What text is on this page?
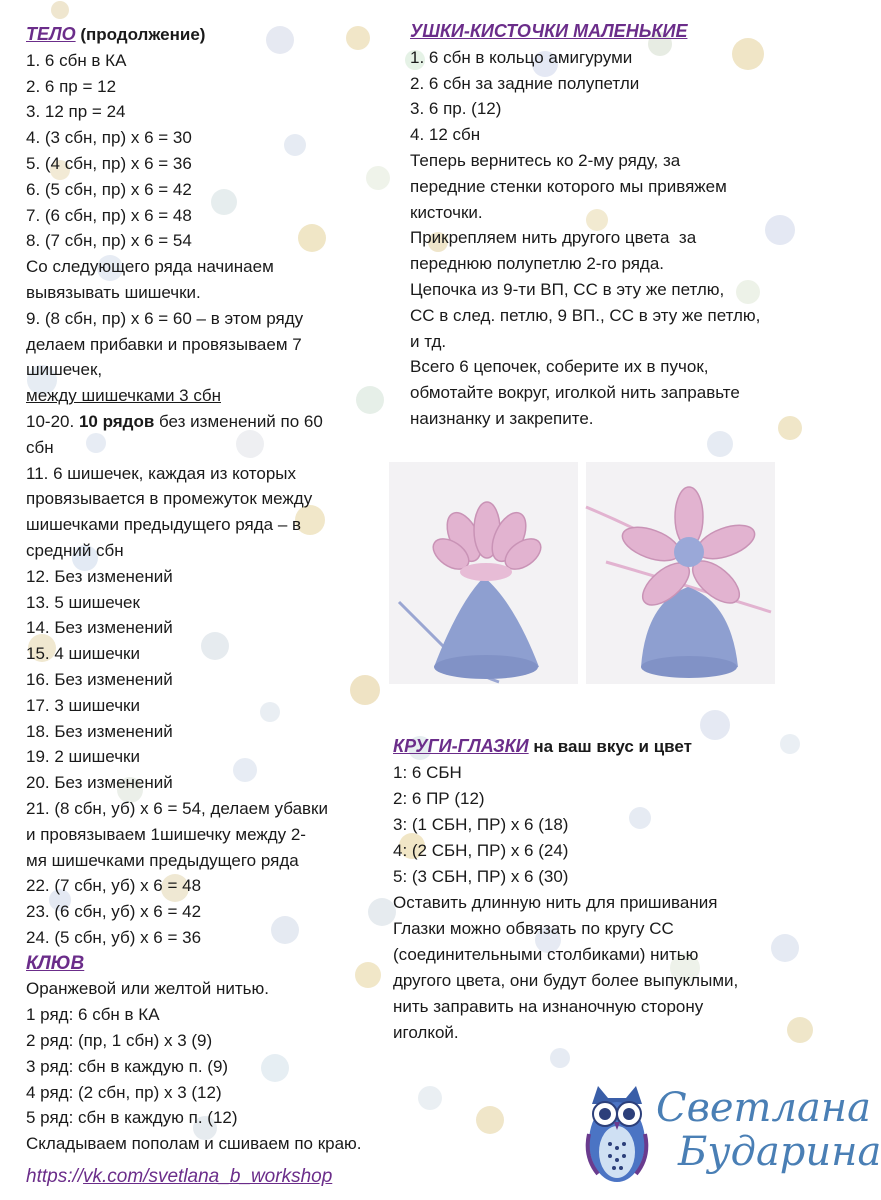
ТЕЛО (продолжение)
1. 6 сбн в КА
2. 6 пр = 12
3. 12 пр = 24
4. (3 сбн, пр) x 6 = 30
5. (4 сбн, пр) x 6 = 36
6. (5 сбн, пр) x 6 = 42
7. (6 сбн, пр) x 6 = 48
8. (7 сбн, пр) x 6 = 54
Со следующего ряда начинаем
вывязывать шишечки.
9. (8 сбн, пр) x 6 = 60 – в этом ряду
делаем прибавки и провязываем 7
шишечек,
между шишечками 3 сбн
10-20. 10 рядов без изменений по 60
сбн
11. 6 шишечек, каждая из которых
провязывается в промежуток между
шишечками предыдущего ряда – в
средний сбн
12. Без изменений
13. 5 шишечек
14. Без изменений
15. 4 шишечки
16. Без изменений
17. 3 шишечки
18. Без изменений
19. 2 шишечки
20. Без изменений
21. (8 сбн, уб) x 6 = 54, делаем убавки
и провязываем 1шишечку между 2-
мя шишечками предыдущего ряда
22. (7 сбн, уб) x 6 = 48
23. (6 сбн, уб) x 6 = 42
24. (5 сбн, уб) x 6 = 36
КЛЮВ
Оранжевой или желтой нитью.
1 ряд: 6 сбн в КА
2 ряд: (пр, 1 сбн) х 3 (9)
3 ряд: сбн в каждую п. (9)
4 ряд: (2 сбн, пр) х 3 (12)
5 ряд: сбн в каждую п. (12)
Складываем пополам и сшиваем по краю.
УШКИ-КИСТОЧКИ МАЛЕНЬКИЕ
1. 6 сбн в кольцо амигуруми
2. 6 сбн за задние полупетли
3. 6 пр. (12)
4. 12 сбн
Теперь вернитесь ко 2-му ряду, за
передние стенки которого мы привяжем
кисточки.
Прикрепляем нить другого цвета  за
переднюю полупетлю 2-го ряда.
Цепочка из 9-ти ВП, СС в эту же петлю,
СС в след. петлю, 9 ВП., СС в эту же петлю,
и тд.
Всего 6 цепочек, соберите их в пучок,
обмотайте вокруг, иголкой нить заправьте
наизнанку и закрепите.
КРУГИ-ГЛАЗКИ на ваш вкус и цвет
1: 6 СБН
2: 6 ПР (12)
3: (1 СБН, ПР) х 6 (18)
4: (2 СБН, ПР) х 6 (24)
5: (3 СБН, ПР) х 6 (30)
Оставить длинную нить для пришивания
Глазки можно обвязать по кругу СС
(соединительными столбиками) нитью
другого цвета, они будут более выпуклыми,
нить заправить на изнаночную сторону
иголкой.
https://vk.com/svetlana_b_workshop
Светлана
Бударина
